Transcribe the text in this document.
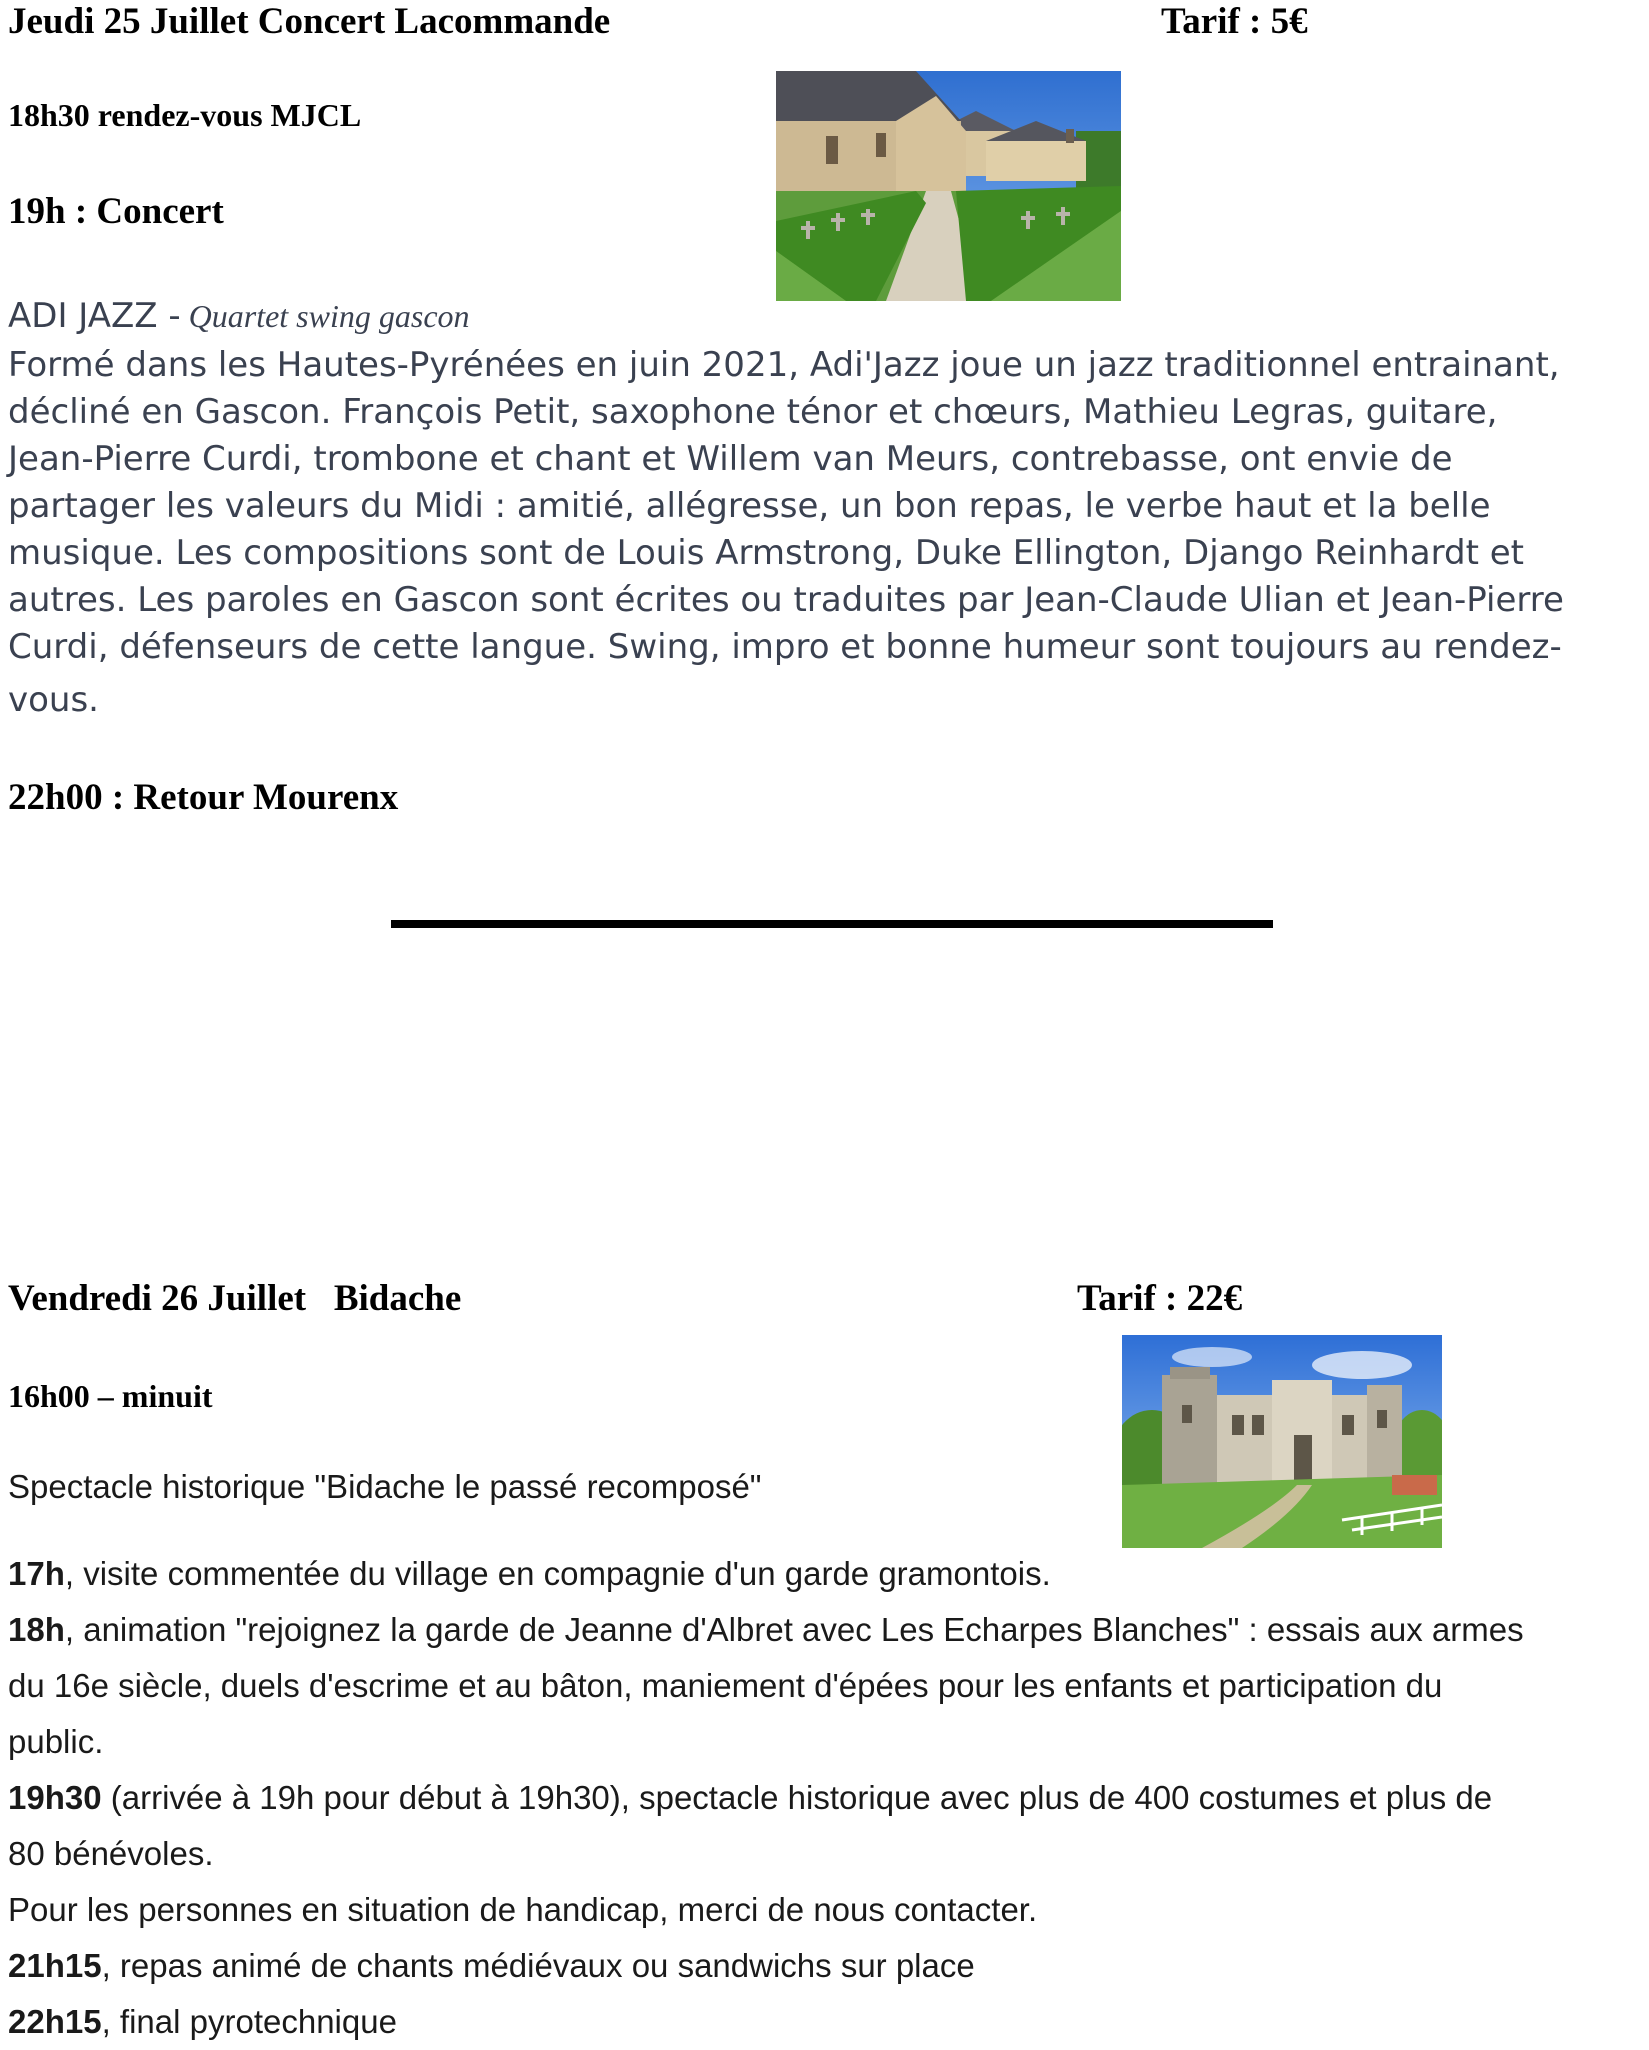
Jeudi 25 Juillet Concert Lacommande	Tarif : 5€
18h30 rendez-vous MJCL
19h : Concert
ADI JAZZ - Quartet swing gascon
Formé dans les Hautes-Pyrénées en juin 2021, Adi'Jazz joue un jazz traditionnel entrainant,
décliné en Gascon. François Petit, saxophone ténor et chœurs, Mathieu Legras, guitare,
Jean-Pierre Curdi, trombone et chant et Willem van Meurs, contrebasse, ont envie de
partager les valeurs du Midi : amitié, allégresse, un bon repas, le verbe haut et la belle
musique. Les compositions sont de Louis Armstrong, Duke Ellington, Django Reinhardt et
autres. Les paroles en Gascon sont écrites ou traduites par Jean-Claude Ulian et Jean-Pierre
Curdi, défenseurs de cette langue. Swing, impro et bonne humeur sont toujours au rendez-
vous.
22h00 : Retour Mourenx
Vendredi 26 Juillet   Bidache	Tarif : 22€
16h00 – minuit
Spectacle historique "Bidache le passé recomposé"
17h, visite commentée du village en compagnie d'un garde gramontois.
18h, animation "rejoignez la garde de Jeanne d'Albret avec Les Echarpes Blanches" : essais aux armes
du 16e siècle, duels d'escrime et au bâton, maniement d'épées pour les enfants et participation du
public.
19h30 (arrivée à 19h pour début à 19h30), spectacle historique avec plus de 400 costumes et plus de
80 bénévoles.
Pour les personnes en situation de handicap, merci de nous contacter.
21h15, repas animé de chants médiévaux ou sandwichs sur place
22h15, final pyrotechnique
